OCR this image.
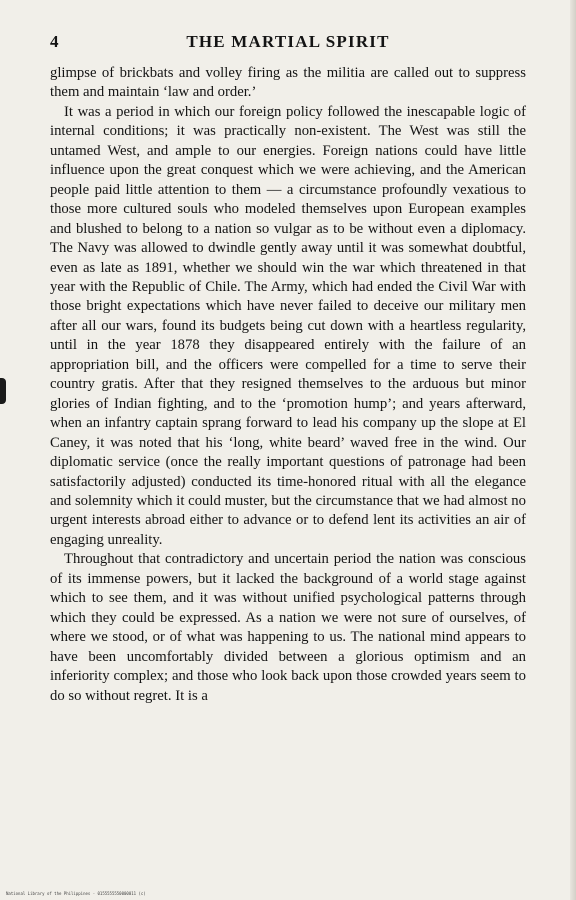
4	THE MARTIAL SPIRIT

glimpse of brickbats and volley firing as the militia are called out to suppress them and maintain ‘law and order.’

It was a period in which our foreign policy followed the inescapable logic of internal conditions; it was practically non-existent. The West was still the untamed West, and ample to our energies. Foreign nations could have little influence upon the great conquest which we were achieving, and the American people paid little attention to them — a circumstance profoundly vexatious to those more cultured souls who modeled themselves upon European examples and blushed to belong to a nation so vulgar as to be without even a diplomacy. The Navy was allowed to dwindle gently away until it was somewhat doubtful, even as late as 1891, whether we should win the war which threatened in that year with the Republic of Chile. The Army, which had ended the Civil War with those bright expectations which have never failed to deceive our military men after all our wars, found its budgets being cut down with a heartless regularity, until in the year 1878 they disappeared entirely with the failure of an appropriation bill, and the officers were compelled for a time to serve their country gratis. After that they resigned themselves to the arduous but minor glories of Indian fighting, and to the ‘promotion hump’; and years afterward, when an infantry captain sprang forward to lead his company up the slope at El Caney, it was noted that his ‘long, white beard’ waved free in the wind. Our diplomatic service (once the really important questions of patronage had been satisfactorily adjusted) conducted its time-honored ritual with all the elegance and solemnity which it could muster, but the circumstance that we had almost no urgent interests abroad either to advance or to defend lent its activities an air of engaging unreality.

Throughout that contradictory and uncertain period the nation was conscious of its immense powers, but it lacked the background of a world stage against which to see them, and it was without unified psychological patterns through which they could be expressed. As a nation we were not sure of ourselves, of where we stood, or of what was happening to us. The national mind appears to have been uncomfortably divided between a glorious optimism and an inferiority complex; and those who look back upon those crowded years seem to do so without regret. It is a

National Library of the Philippines · 0155555550000011 (c)
